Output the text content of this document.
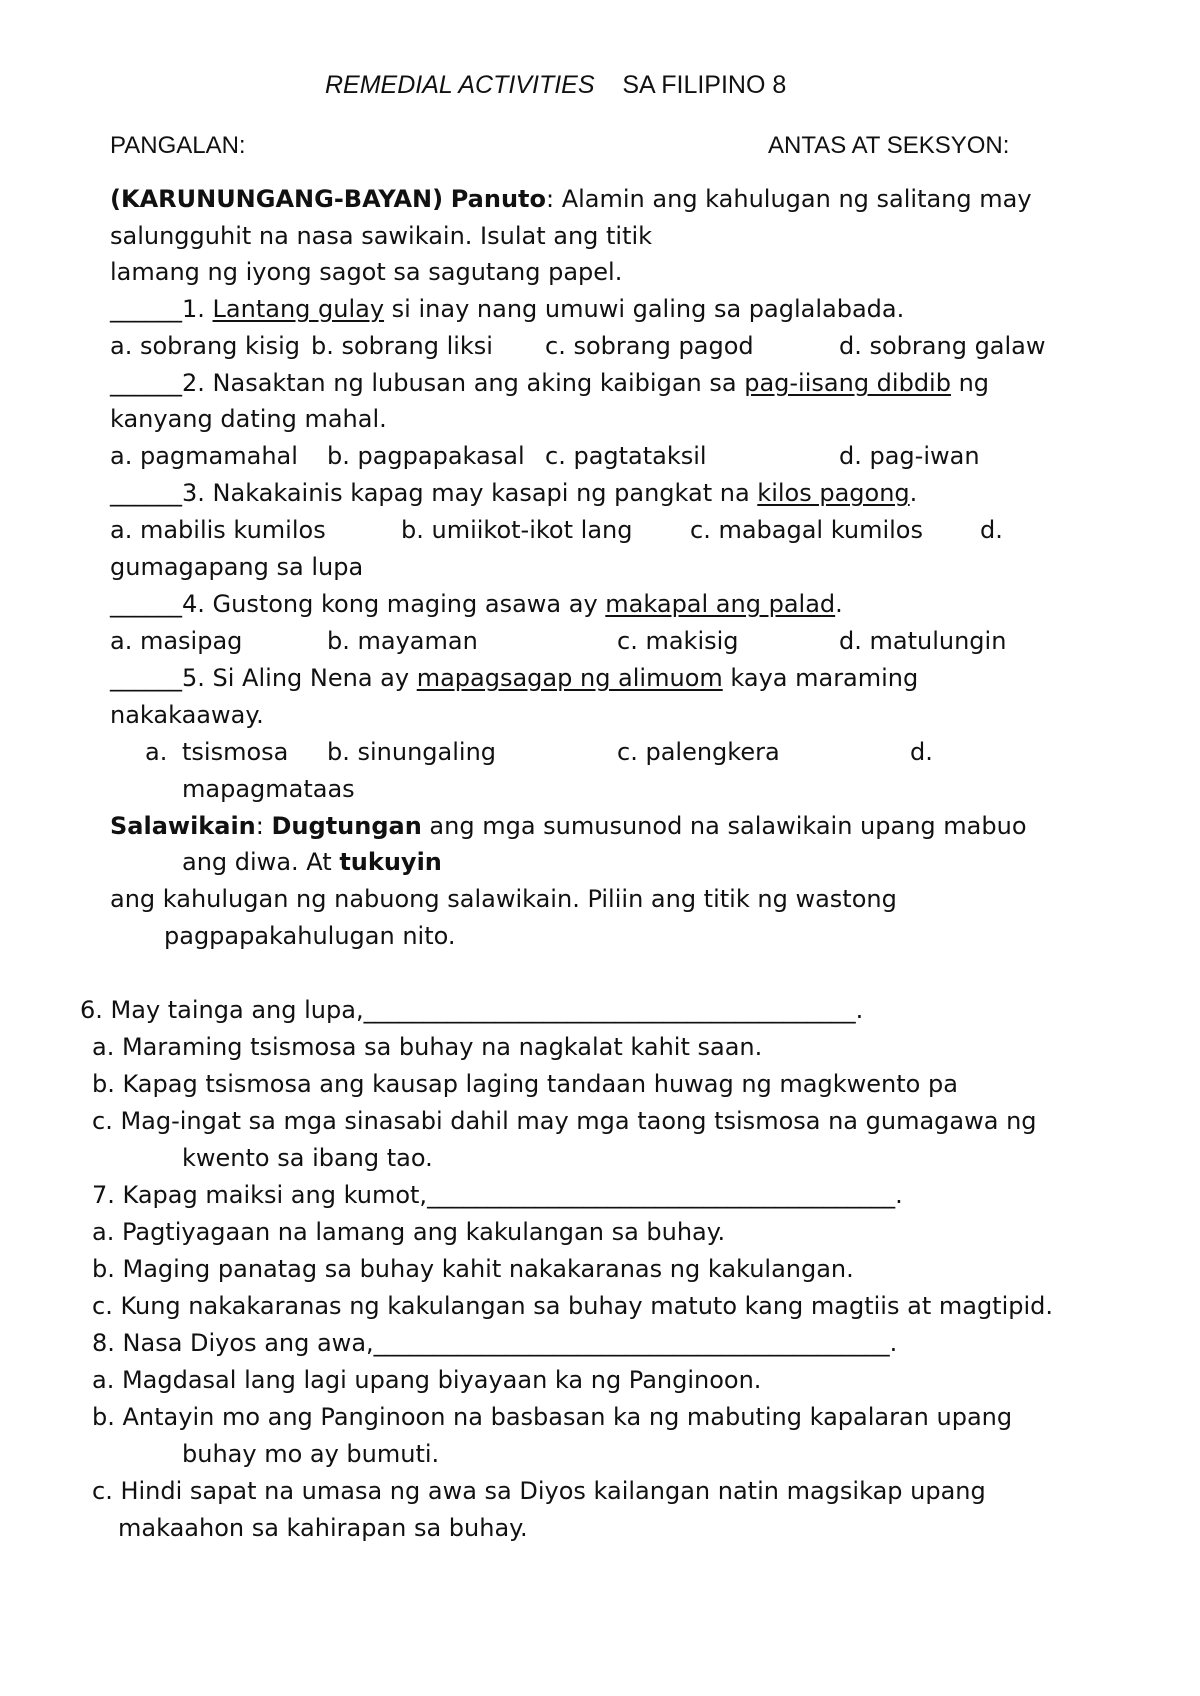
REMEDIAL ACTIVITIES SA FILIPINO 8
PANGALAN:	ANTAS AT SEKSYON:
(KARUNUNGANG-BAYAN) Panuto: Alamin ang kahulugan ng salitang may
salungguhit na nasa sawikain. Isulat ang titik
lamang ng iyong sagot sa sagutang papel.
______1. Lantang gulay si inay nang umuwi galing sa paglalabada.
a. sobrang kisig b. sobrang liksi c. sobrang pagod	d. sobrang galaw
______2. Nasaktan ng lubusan ang aking kaibigan sa pag-iisang dibdib ng
kanyang dating mahal.
a. pagmamahal b. pagpapakasal c. pagtataksil	d. pag-iwan
______3. Nakakainis kapag may kasapi ng pangkat na kilos pagong.
a. mabilis kumilos	b. umiikot-ikot lang c. mabagal kumilos d.
gumagapang sa lupa
______4. Gustong kong maging asawa ay makapal ang palad.
a. masipag	b. mayaman	c. makisig	d. matulungin
______5. Si Aling Nena ay mapagsagap ng alimuom kaya maraming
nakakaaway.
a. tsismosa b. sinungaling	c. palengkera	d.
mapagmataas
Salawikain: Dugtungan ang mga sumusunod na salawikain upang mabuo
ang diwa. At tukuyin
ang kahulugan ng nabuong salawikain. Piliin ang titik ng wastong
pagpapakahulugan nito.
6. May tainga ang lupa,_________________________________________.
a. Maraming tsismosa sa buhay na nagkalat kahit saan.
b. Kapag tsismosa ang kausap laging tandaan huwag ng magkwento pa
c. Mag-ingat sa mga sinasabi dahil may mga taong tsismosa na gumagawa ng
kwento sa ibang tao.
7. Kapag maiksi ang kumot,_______________________________________.
a. Pagtiyagaan na lamang ang kakulangan sa buhay.
b. Maging panatag sa buhay kahit nakakaranas ng kakulangan.
c. Kung nakakaranas ng kakulangan sa buhay matuto kang magtiis at magtipid.
8. Nasa Diyos ang awa,___________________________________________.
a. Magdasal lang lagi upang biyayaan ka ng Panginoon.
b. Antayin mo ang Panginoon na basbasan ka ng mabuting kapalaran upang
buhay mo ay bumuti.
c. Hindi sapat na umasa ng awa sa Diyos kailangan natin magsikap upang
makaahon sa kahirapan sa buhay.
